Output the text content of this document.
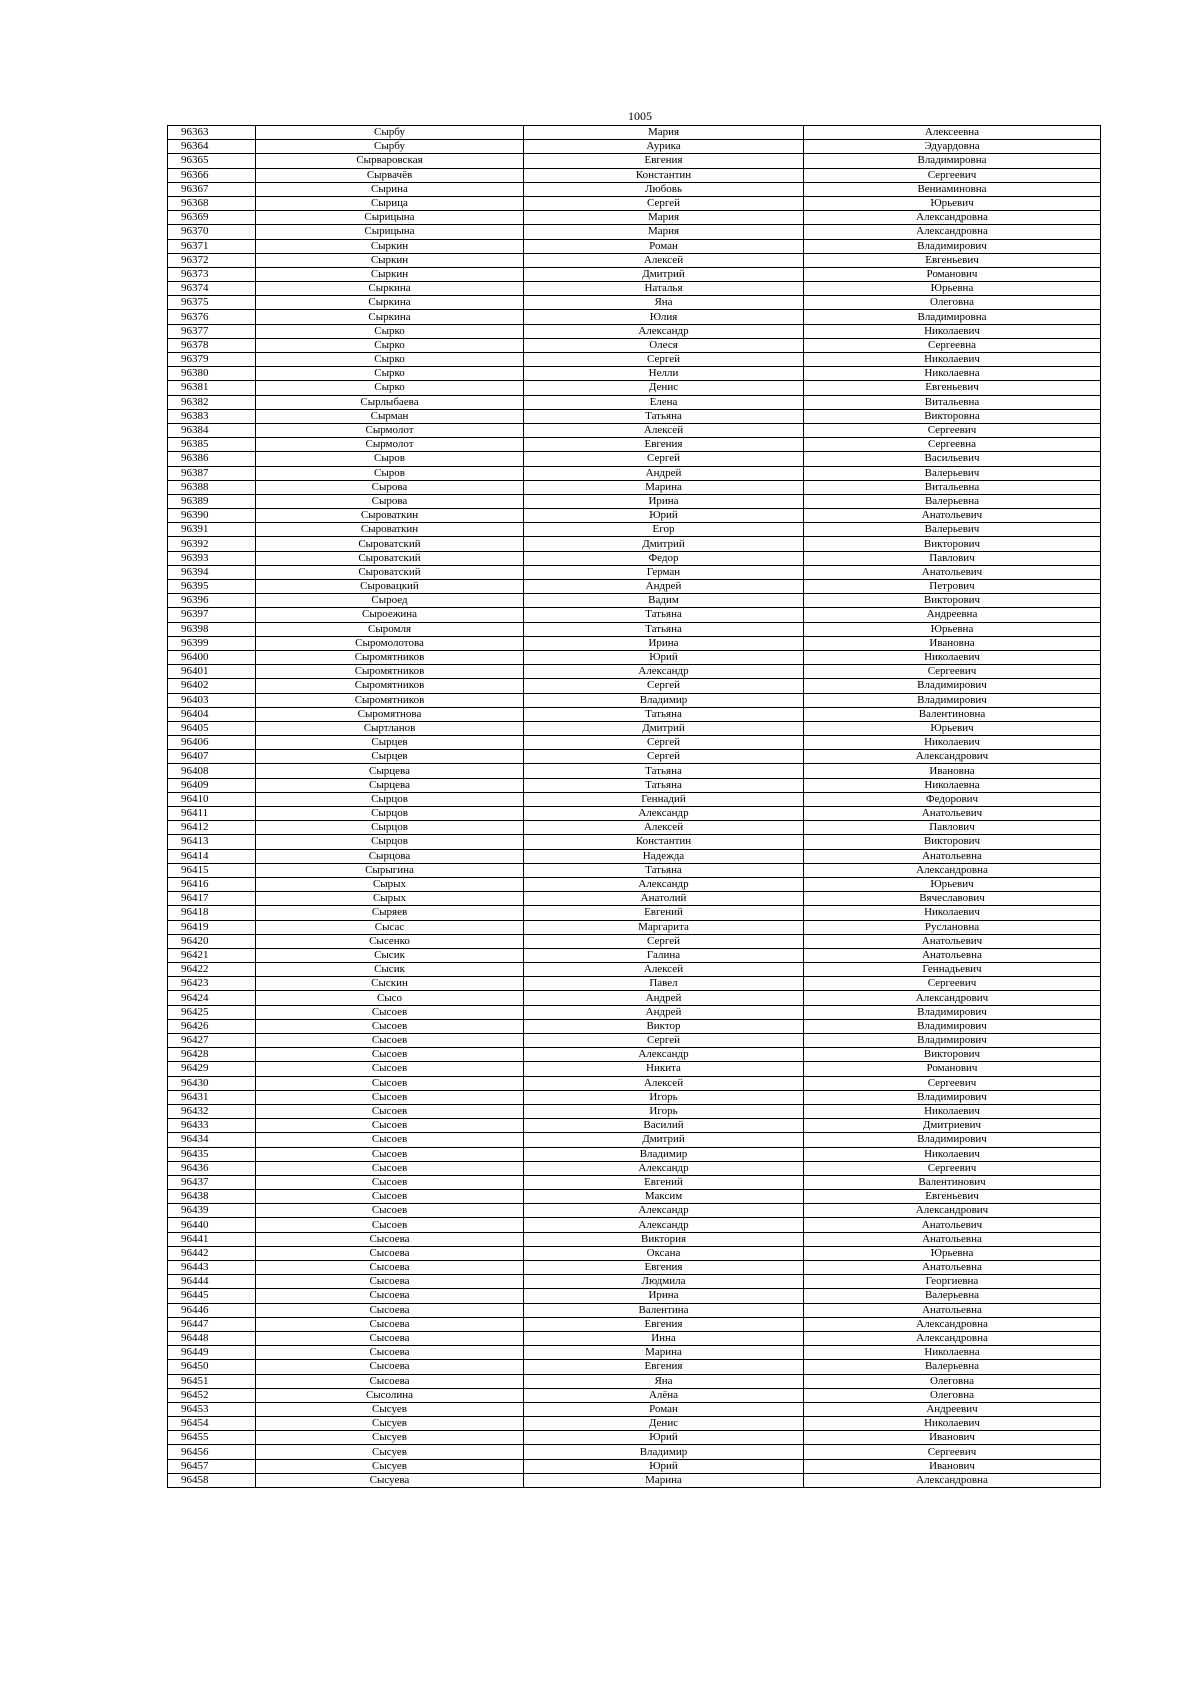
1005
96363	Сырбу	Мария	Алексеевна
96364	Сырбу	Аурика	Эдуардовна
96365	Сырваровская	Евгения	Владимировна
96366	Сырвачёв	Константин	Сергеевич
96367	Сырина	Любовь	Вениаминовна
96368	Сырица	Сергей	Юрьевич
96369	Сырицына	Мария	Александровна
96370	Сырицына	Мария	Александровна
96371	Сыркин	Роман	Владимирович
96372	Сыркин	Алексей	Евгеньевич
96373	Сыркин	Дмитрий	Романович
96374	Сыркина	Наталья	Юрьевна
96375	Сыркина	Яна	Олеговна
96376	Сыркина	Юлия	Владимировна
96377	Сырко	Александр	Николаевич
96378	Сырко	Олеся	Сергеевна
96379	Сырко	Сергей	Николаевич
96380	Сырко	Нелли	Николаевна
96381	Сырко	Денис	Евгеньевич
96382	Сырлыбаева	Елена	Витальевна
96383	Сырман	Татьяна	Викторовна
96384	Сырмолот	Алексей	Сергеевич
96385	Сырмолот	Евгения	Сергеевна
96386	Сыров	Сергей	Васильевич
96387	Сыров	Андрей	Валерьевич
96388	Сырова	Марина	Витальевна
96389	Сырова	Ирина	Валерьевна
96390	Сыроваткин	Юрий	Анатольевич
96391	Сыроваткин	Егор	Валерьевич
96392	Сыроватский	Дмитрий	Викторович
96393	Сыроватский	Федор	Павлович
96394	Сыроватский	Герман	Анатольевич
96395	Сыровацкий	Андрей	Петрович
96396	Сыроед	Вадим	Викторович
96397	Сыроежина	Татьяна	Андреевна
96398	Сыромля	Татьяна	Юрьевна
96399	Сыромолотова	Ирина	Ивановна
96400	Сыромятников	Юрий	Николаевич
96401	Сыромятников	Александр	Сергеевич
96402	Сыромятников	Сергей	Владимирович
96403	Сыромятников	Владимир	Владимирович
96404	Сыромятнова	Татьяна	Валентиновна
96405	Сыртланов	Дмитрий	Юрьевич
96406	Сырцев	Сергей	Николаевич
96407	Сырцев	Сергей	Александрович
96408	Сырцева	Татьяна	Ивановна
96409	Сырцева	Татьяна	Николаевна
96410	Сырцов	Геннадий	Федорович
96411	Сырцов	Александр	Анатольевич
96412	Сырцов	Алексей	Павлович
96413	Сырцов	Константин	Викторович
96414	Сырцова	Надежда	Анатольевна
96415	Сырыгина	Татьяна	Александровна
96416	Сырых	Александр	Юрьевич
96417	Сырых	Анатолий	Вячеславович
96418	Сыряев	Евгений	Николаевич
96419	Сысас	Маргарита	Руслановна
96420	Сысенко	Сергей	Анатольевич
96421	Сысик	Галина	Анатольевна
96422	Сысик	Алексей	Геннадьевич
96423	Сыскин	Павел	Сергеевич
96424	Сысо	Андрей	Александрович
96425	Сысоев	Андрей	Владимирович
96426	Сысоев	Виктор	Владимирович
96427	Сысоев	Сергей	Владимирович
96428	Сысоев	Александр	Викторович
96429	Сысоев	Никита	Романович
96430	Сысоев	Алексей	Сергеевич
96431	Сысоев	Игорь	Владимирович
96432	Сысоев	Игорь	Николаевич
96433	Сысоев	Василий	Дмитриевич
96434	Сысоев	Дмитрий	Владимирович
96435	Сысоев	Владимир	Николаевич
96436	Сысоев	Александр	Сергеевич
96437	Сысоев	Евгений	Валентинович
96438	Сысоев	Максим	Евгеньевич
96439	Сысоев	Александр	Александрович
96440	Сысоев	Александр	Анатольевич
96441	Сысоева	Виктория	Анатольевна
96442	Сысоева	Оксана	Юрьевна
96443	Сысоева	Евгения	Анатольевна
96444	Сысоева	Людмила	Георгиевна
96445	Сысоева	Ирина	Валерьевна
96446	Сысоева	Валентина	Анатольевна
96447	Сысоева	Евгения	Александровна
96448	Сысоева	Инна	Александровна
96449	Сысоева	Марина	Николаевна
96450	Сысоева	Евгения	Валерьевна
96451	Сысоева	Яна	Олеговна
96452	Сысолина	Алёна	Олеговна
96453	Сысуев	Роман	Андреевич
96454	Сысуев	Денис	Николаевич
96455	Сысуев	Юрий	Иванович
96456	Сысуев	Владимир	Сергеевич
96457	Сысуев	Юрий	Иванович
96458	Сысуева	Марина	Александровна
